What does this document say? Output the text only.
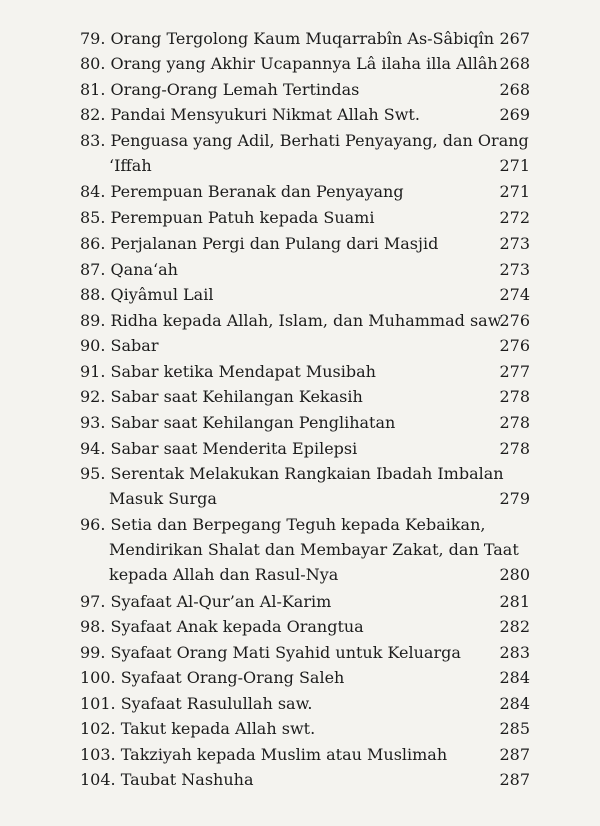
79. Orang Tergolong Kaum Muqarrabîn As-Sâbiqîn 267
80. Orang yang Akhir Ucapannya Lâ ilaha illa Allâh 268
81. Orang-Orang Lemah Tertindas	268
82. Pandai Mensyukuri Nikmat Allah Swt.	269
83. Penguasa yang Adil, Berhati Penyayang, dan Orang
‘Iffah	271
84. Perempuan Beranak dan Penyayang	271
85. Perempuan Patuh kepada Suami	272
86. Perjalanan Pergi dan Pulang dari Masjid	273
87. Qana‘ah	273
88. Qiyâmul Lail	274
89. Ridha kepada Allah, Islam, dan Muhammad saw.
276
90. Sabar	276
91. Sabar ketika Mendapat Musibah	277
92. Sabar saat Kehilangan Kekasih	278
93. Sabar saat Kehilangan Penglihatan	278
94. Sabar saat Menderita Epilepsi	278
95. Serentak Melakukan Rangkaian Ibadah Imbalan
Masuk Surga	279
96. Setia dan Berpegang Teguh kepada Kebaikan,
Mendirikan Shalat dan Membayar Zakat, dan Taat
kepada Allah dan Rasul-Nya	280
97. Syafaat Al-Qur’an Al-Karim	281
98. Syafaat Anak kepada Orangtua	282
99. Syafaat Orang Mati Syahid untuk Keluarga	283
100. Syafaat Orang-Orang Saleh	284
101. Syafaat Rasulullah saw.	284
102. Takut kepada Allah swt.	285
103. Takziyah kepada Muslim atau Muslimah	287
104. Taubat Nashuha	287
